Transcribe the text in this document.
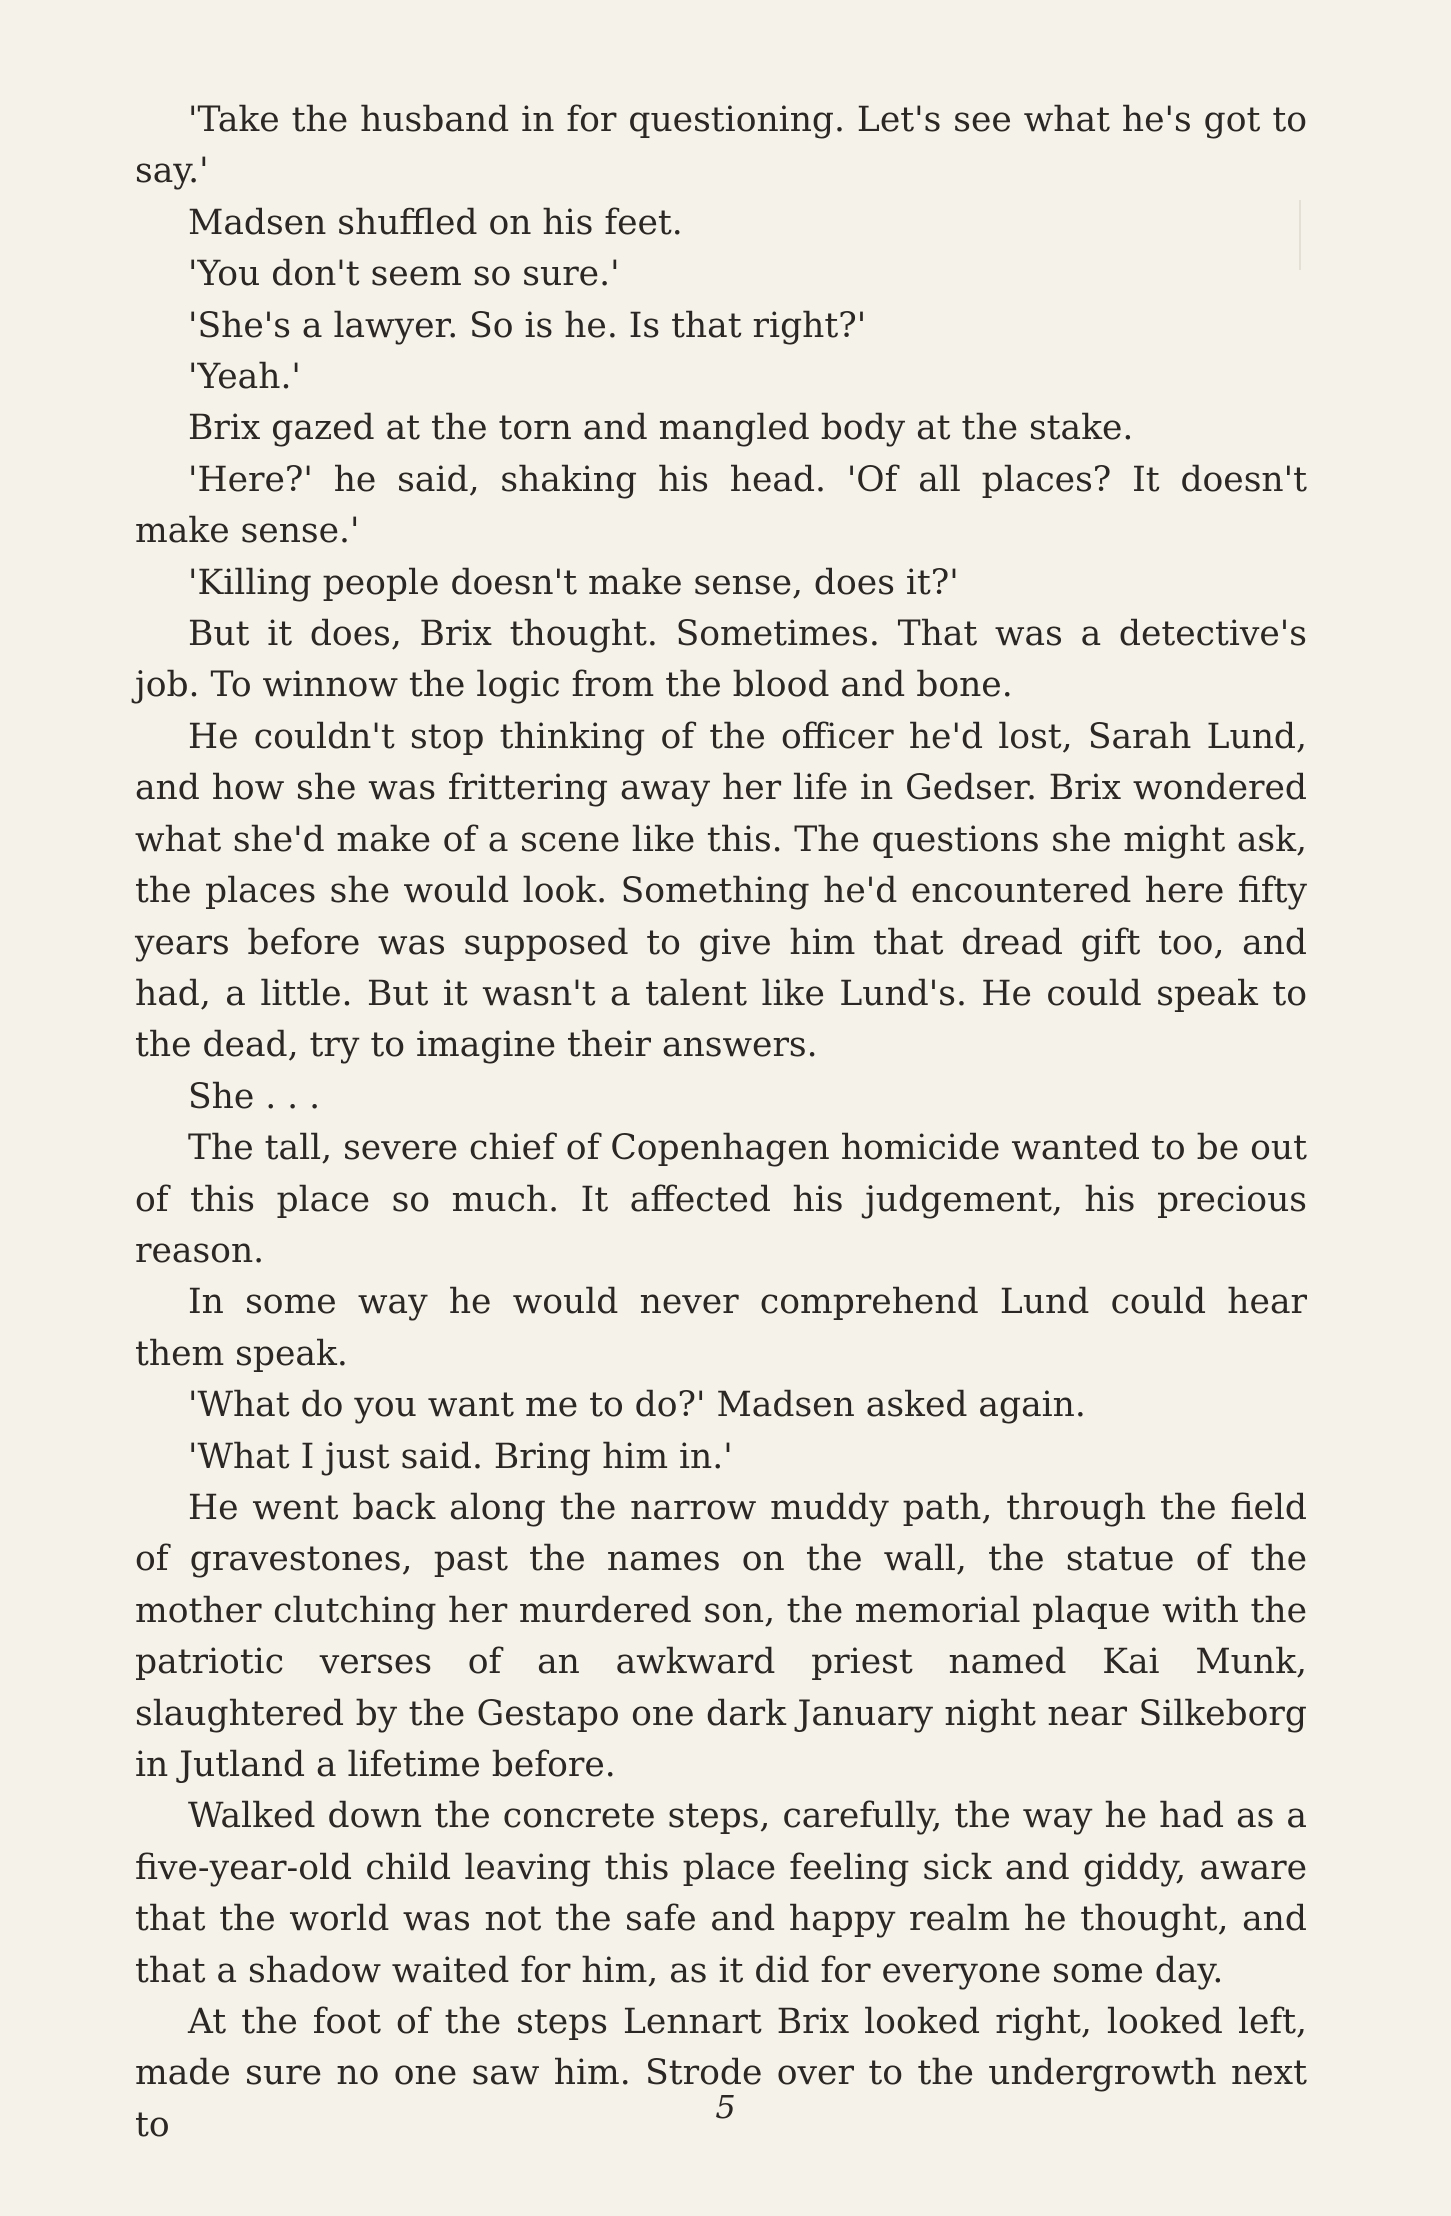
'Take the husband in for questioning. Let's see what he's got to say.'

Madsen shuffled on his feet.

'You don't seem so sure.'

'She's a lawyer. So is he. Is that right?'

'Yeah.'

Brix gazed at the torn and mangled body at the stake.

'Here?' he said, shaking his head. 'Of all places? It doesn't make sense.'

'Killing people doesn't make sense, does it?'

But it does, Brix thought. Sometimes. That was a detective's job. To winnow the logic from the blood and bone.

He couldn't stop thinking of the officer he'd lost, Sarah Lund, and how she was frittering away her life in Gedser. Brix wondered what she'd make of a scene like this. The questions she might ask, the places she would look. Something he'd encountered here fifty years before was supposed to give him that dread gift too, and had, a little. But it wasn't a talent like Lund's. He could speak to the dead, try to imagine their answers.

She . . .

The tall, severe chief of Copenhagen homicide wanted to be out of this place so much. It affected his judgement, his precious reason.

In some way he would never comprehend Lund could hear them speak.

'What do you want me to do?' Madsen asked again.

'What I just said. Bring him in.'

He went back along the narrow muddy path, through the field of gravestones, past the names on the wall, the statue of the mother clutching her murdered son, the memorial plaque with the patriotic verses of an awkward priest named Kai Munk, slaughtered by the Gestapo one dark January night near Silkeborg in Jutland a lifetime before.

Walked down the concrete steps, carefully, the way he had as a five-year-old child leaving this place feeling sick and giddy, aware that the world was not the safe and happy realm he thought, and that a shadow waited for him, as it did for everyone some day.

At the foot of the steps Lennart Brix looked right, looked left, made sure no one saw him. Strode over to the undergrowth next to	5
